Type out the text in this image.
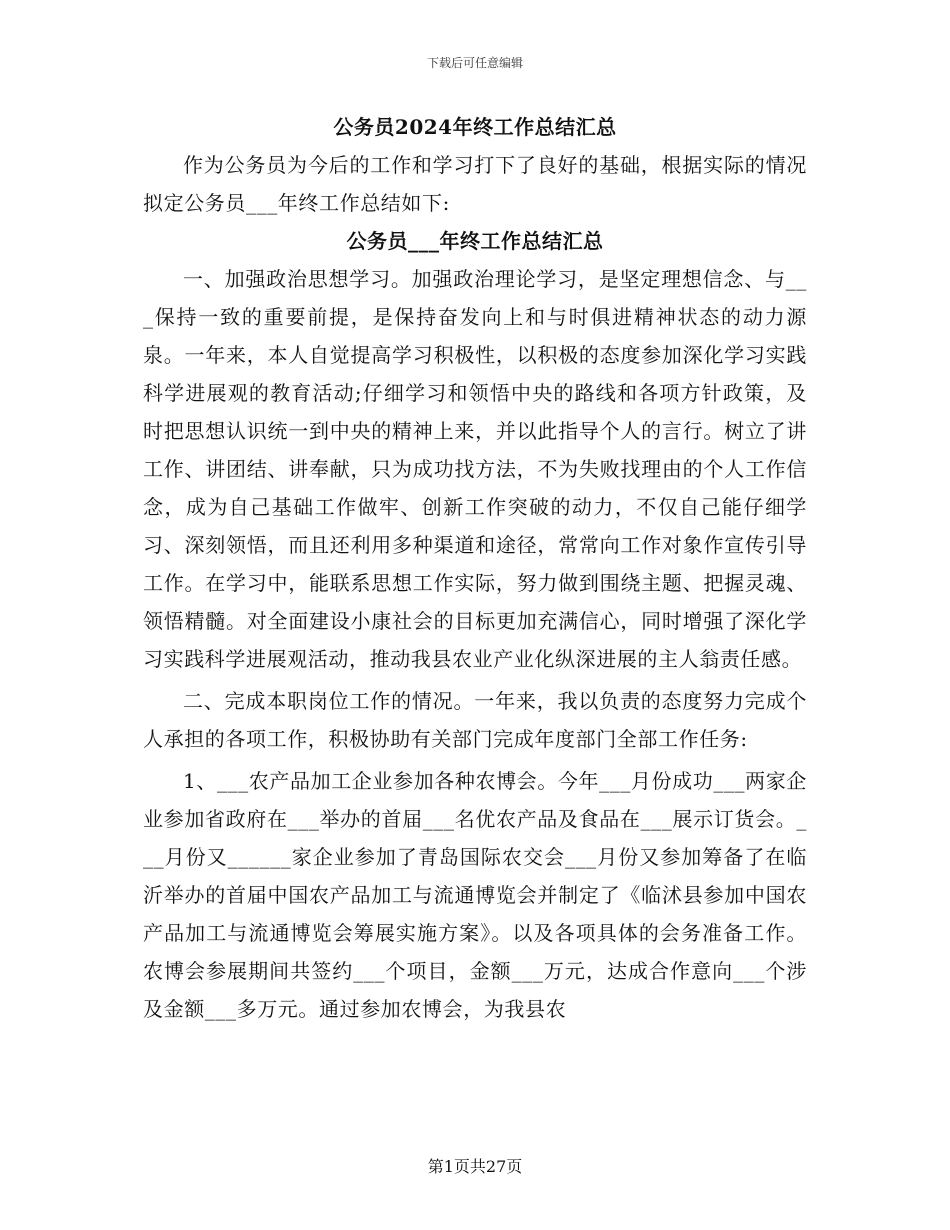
下载后可任意编辑

公务员2024年终工作总结汇总

作为公务员为今后的工作和学习打下了良好的基础，根据实际的情况拟定公务员___年终工作总结如下:

公务员___年终工作总结汇总

一、加强政治思想学习。加强政治理论学习，是坚定理想信念、与___保持一致的重要前提，是保持奋发向上和与时俱进精神状态的动力源泉。一年来，本人自觉提高学习积极性，以积极的态度参加深化学习实践科学进展观的教育活动;仔细学习和领悟中央的路线和各项方针政策，及时把思想认识统一到中央的精神上来，并以此指导个人的言行。树立了讲工作、讲团结、讲奉献，只为成功找方法，不为失败找理由的个人工作信念，成为自己基础工作做牢、创新工作突破的动力，不仅自己能仔细学习、深刻领悟，而且还利用多种渠道和途径，常常向工作对象作宣传引导工作。在学习中，能联系思想工作实际，努力做到围绕主题、把握灵魂、领悟精髓。对全面建设小康社会的目标更加充满信心，同时增强了深化学习实践科学进展观活动，推动我县农业产业化纵深进展的主人翁责任感。

二、完成本职岗位工作的情况。一年来，我以负责的态度努力完成个人承担的各项工作，积极协助有关部门完成年度部门全部工作任务:

1、___农产品加工企业参加各种农博会。今年___月份成功___两家企业参加省政府在___举办的首届___名优农产品及食品在___展示订货会。___月份又______家企业参加了青岛国际农交会___月份又参加筹备了在临沂举办的首届中国农产品加工与流通博览会并制定了《临沭县参加中国农产品加工与流通博览会筹展实施方案》。以及各项具体的会务准备工作。农博会参展期间共签约___个项目，金额___万元，达成合作意向___个涉及金额___多万元。通过参加农博会，为我县农

第1页共27页
